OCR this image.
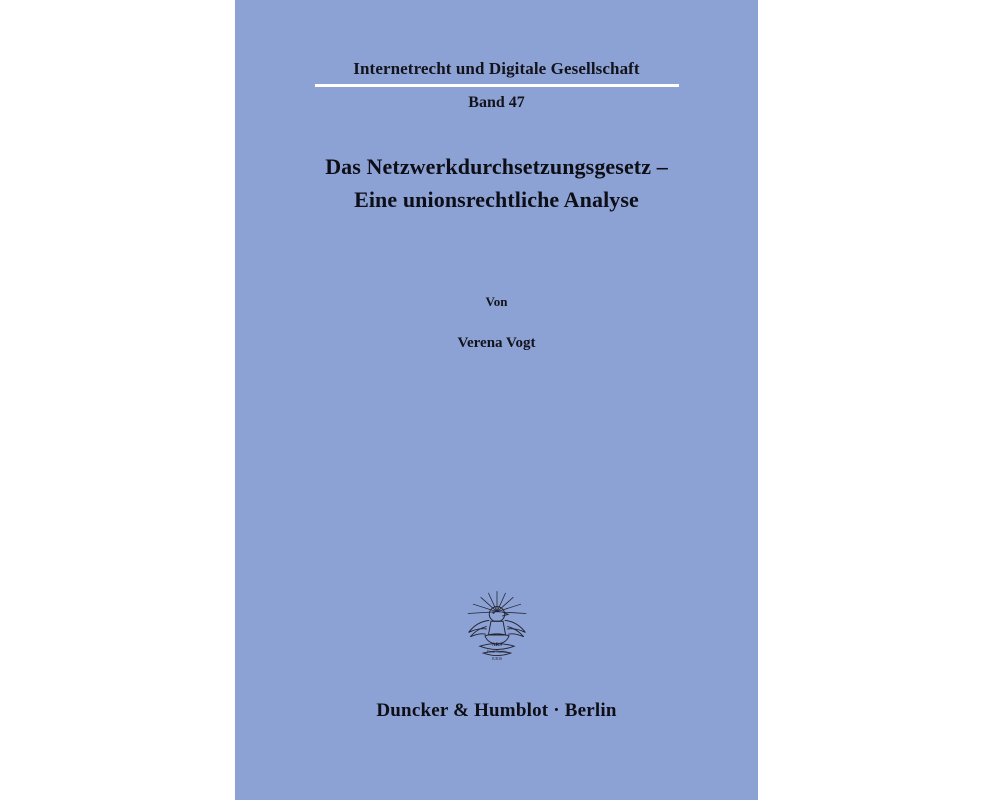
Internetrecht und Digitale Gesellschaft
Band 47
Das Netzwerkdurchsetzungsgesetz –
Eine unionsrechtliche Analyse
Von
Verena Vogt
ARS
Fiscit Iustitia
IURIS
Duncker & Humblot · Berlin
